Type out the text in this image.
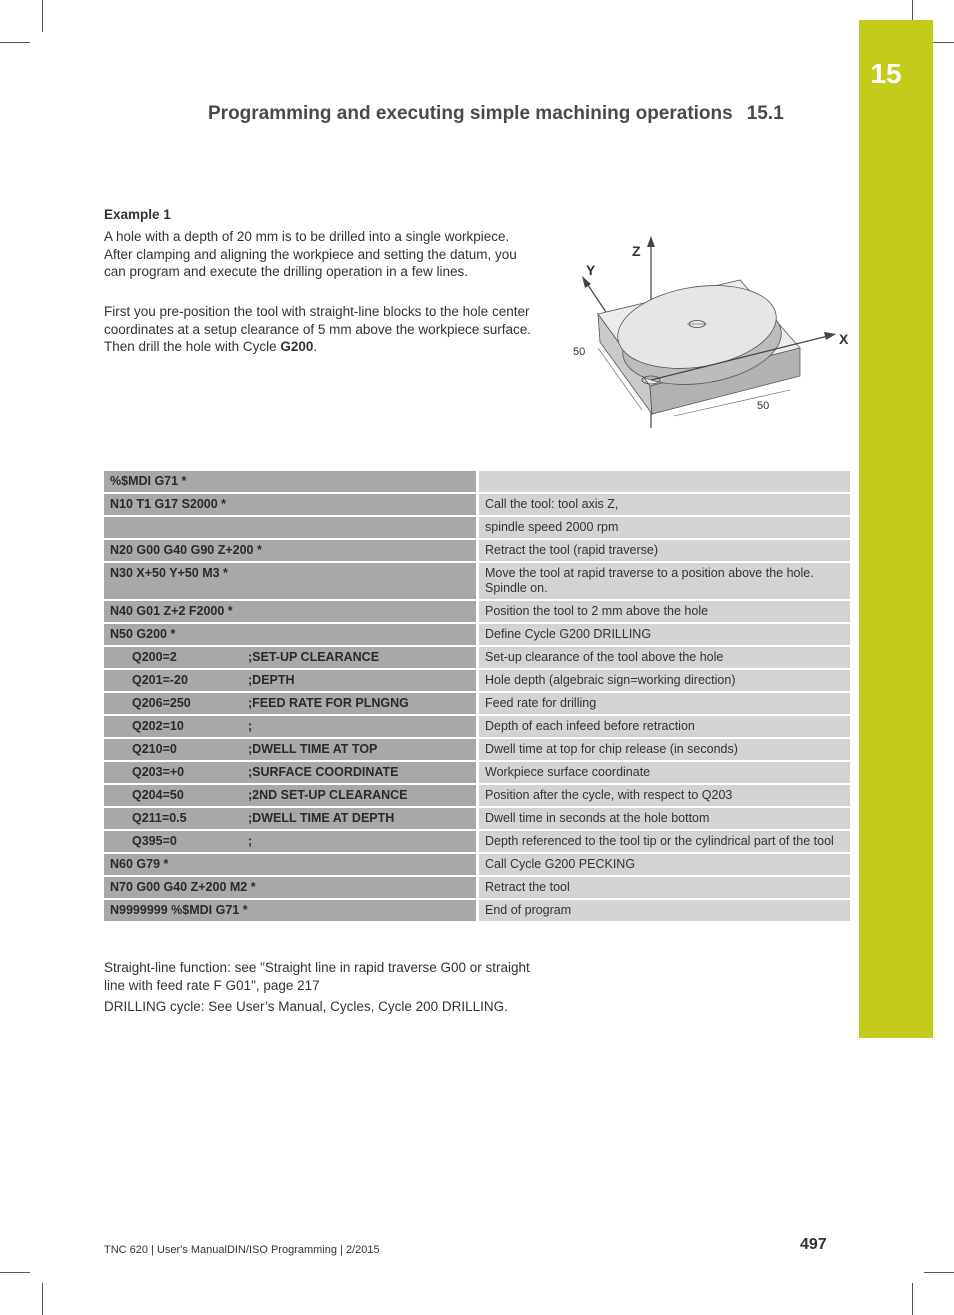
15
Programming and executing simple machining operations 15.1
Example 1
A hole with a depth of 20 mm is to be drilled into a single workpiece. After clamping and aligning the workpiece and setting the datum, you can program and execute the drilling operation in a few lines.
First you pre-position the tool with straight-line blocks to the hole center coordinates at a setup clearance of 5 mm above the workpiece surface. Then drill the hole with Cycle G200.
Z
Y
X
50
50
%$MDI G71 *	
N10 T1 G17 S2000 *	Call the tool: tool axis Z,
	spindle speed 2000 rpm
N20 G00 G40 G90 Z+200 *	Retract the tool (rapid traverse)
N30 X+50 Y+50 M3 *	Move the tool at rapid traverse to a position above the hole. Spindle on.
N40 G01 Z+2 F2000 *	Position the tool to 2 mm above the hole
N50 G200 *	Define Cycle G200 DRILLING
Q200=2 ;SET-UP CLEARANCE	Set-up clearance of the tool above the hole
Q201=-20 ;DEPTH	Hole depth (algebraic sign=working direction)
Q206=250 ;FEED RATE FOR PLNGNG	Feed rate for drilling
Q202=10 ;	Depth of each infeed before retraction
Q210=0 ;DWELL TIME AT TOP	Dwell time at top for chip release (in seconds)
Q203=+0 ;SURFACE COORDINATE	Workpiece surface coordinate
Q204=50 ;2ND SET-UP CLEARANCE	Position after the cycle, with respect to Q203
Q211=0.5 ;DWELL TIME AT DEPTH	Dwell time in seconds at the hole bottom
Q395=0 ;	Depth referenced to the tool tip or the cylindrical part of the tool
N60 G79 *	Call Cycle G200 PECKING
N70 G00 G40 Z+200 M2 *	Retract the tool
N9999999 %$MDI G71 *	End of program
Straight-line function: see "Straight line in rapid traverse G00 or straight line with feed rate F G01", page 217
DRILLING cycle: See User’s Manual, Cycles, Cycle 200 DRILLING.
TNC 620 | User's ManualDIN/ISO Programming | 2/2015	497
